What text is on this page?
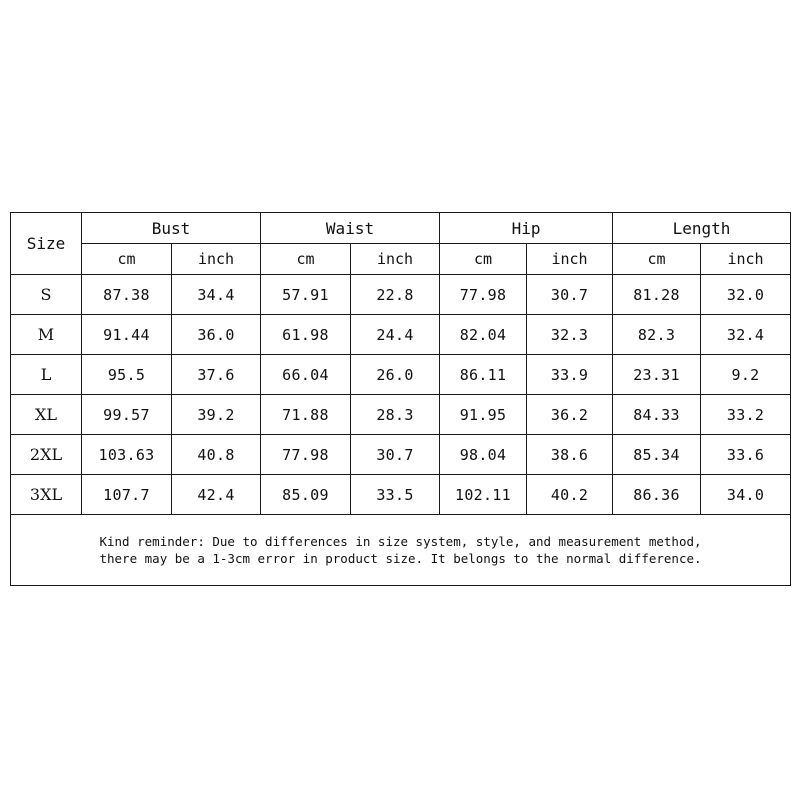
Size	Bust		Waist		Hip		Length	
	cm	inch	cm	inch	cm	inch	cm	inch
S	87.38	34.4	57.91	22.8	77.98	30.7	81.28	32.0
M	91.44	36.0	61.98	24.4	82.04	32.3	82.3	32.4
L	95.5	37.6	66.04	26.0	86.11	33.9	23.31	9.2
XL	99.57	39.2	71.88	28.3	91.95	36.2	84.33	33.2
2XL	103.63	40.8	77.98	30.7	98.04	38.6	85.34	33.6
3XL	107.7	42.4	85.09	33.5	102.11	40.2	86.36	34.0

Kind reminder: Due to differences in size system, style, and measurement method,
there may be a 1-3cm error in product size. It belongs to the normal difference.								
